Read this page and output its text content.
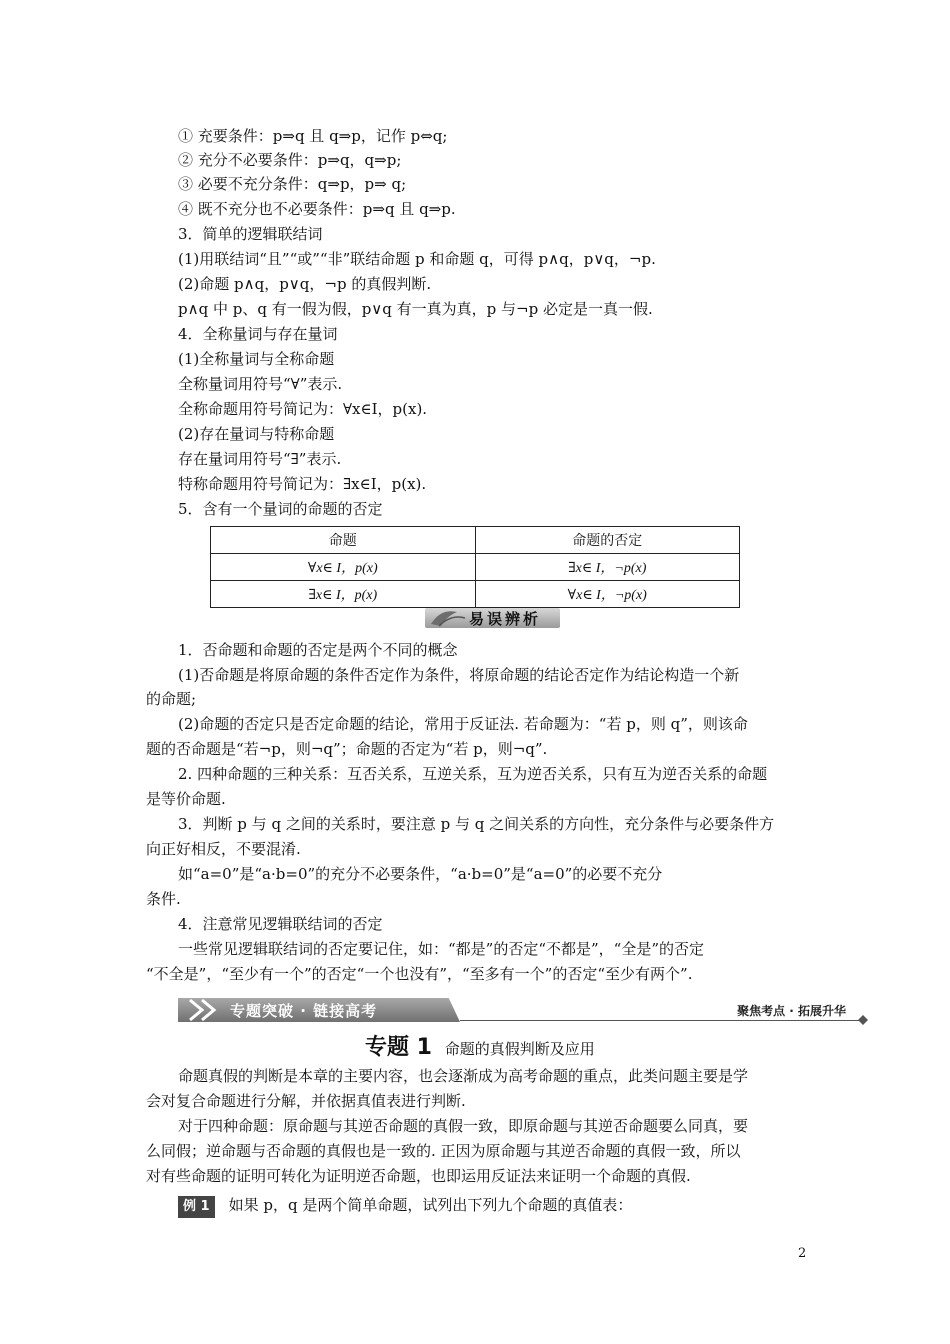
① 充要条件：p⇒q 且 q⇒p，记作 p⇔q;
② 充分不必要条件：p⇒q，q⇒p;
③ 必要不充分条件：q⇒p，p⇒ q;
④ 既不充分也不必要条件：p⇒q 且 q⇒p.
3．简单的逻辑联结词
(1)用联结词“且”“或”“非”联结命题 p 和命题 q，可得 p∧q，p∨q，¬p.
(2)命题 p∧q，p∨q，¬p 的真假判断.
p∧q 中 p、q 有一假为假，p∨q 有一真为真，p 与¬p 必定是一真一假.
4．全称量词与存在量词
(1)全称量词与全称命题
全称量词用符号“∀”表示.
全称命题用符号简记为：∀x∈I，p(x).
(2)存在量词与特称命题
存在量词用符号“∃”表示.
特称命题用符号简记为：∃x∈I，p(x).
5．含有一个量词的命题的否定
命题	命题的否定
∀x∈ I，p(x)	∃x∈ I，¬p(x)
∃x∈ I，p(x)	∀x∈ I，¬p(x)
易误辨析
1．否命题和命题的否定是两个不同的概念
(1)否命题是将原命题的条件否定作为条件，将原命题的结论否定作为结论构造一个新
的命题;
(2)命题的否定只是否定命题的结论，常用于反证法. 若命题为：“若 p，则 q”，则该命
题的否命题是“若¬p，则¬q”；命题的否定为“若 p，则¬q”.
2. 四种命题的三种关系：互否关系，互逆关系，互为逆否关系，只有互为逆否关系的命题
是等价命题.
3．判断 p 与 q 之间的关系时，要注意 p 与 q 之间关系的方向性，充分条件与必要条件方
向正好相反，不要混淆.
如“a=0”是“a·b=0”的充分不必要条件，“a·b=0”是“a=0”的必要不充分
条件.
4．注意常见逻辑联结词的否定
一些常见逻辑联结词的否定要记住，如：“都是”的否定“不都是”，“全是”的否定
“不全是”，“至少有一个”的否定“一个也没有”，“至多有一个”的否定“至少有两个”.
专题突破 · 链接高考	聚焦考点 · 拓展升华
专题 1 命题的真假判断及应用
命题真假的判断是本章的主要内容，也会逐渐成为高考命题的重点，此类问题主要是学
会对复合命题进行分解，并依据真值表进行判断.
对于四种命题：原命题与其逆否命题的真假一致，即原命题与其逆否命题要么同真，要
么同假；逆命题与否命题的真假也是一致的. 正因为原命题与其逆否命题的真假一致，所以
对有些命题的证明可转化为证明逆否命题，也即运用反证法来证明一个命题的真假.
例 1 如果 p，q 是两个简单命题，试列出下列九个命题的真值表：
2
